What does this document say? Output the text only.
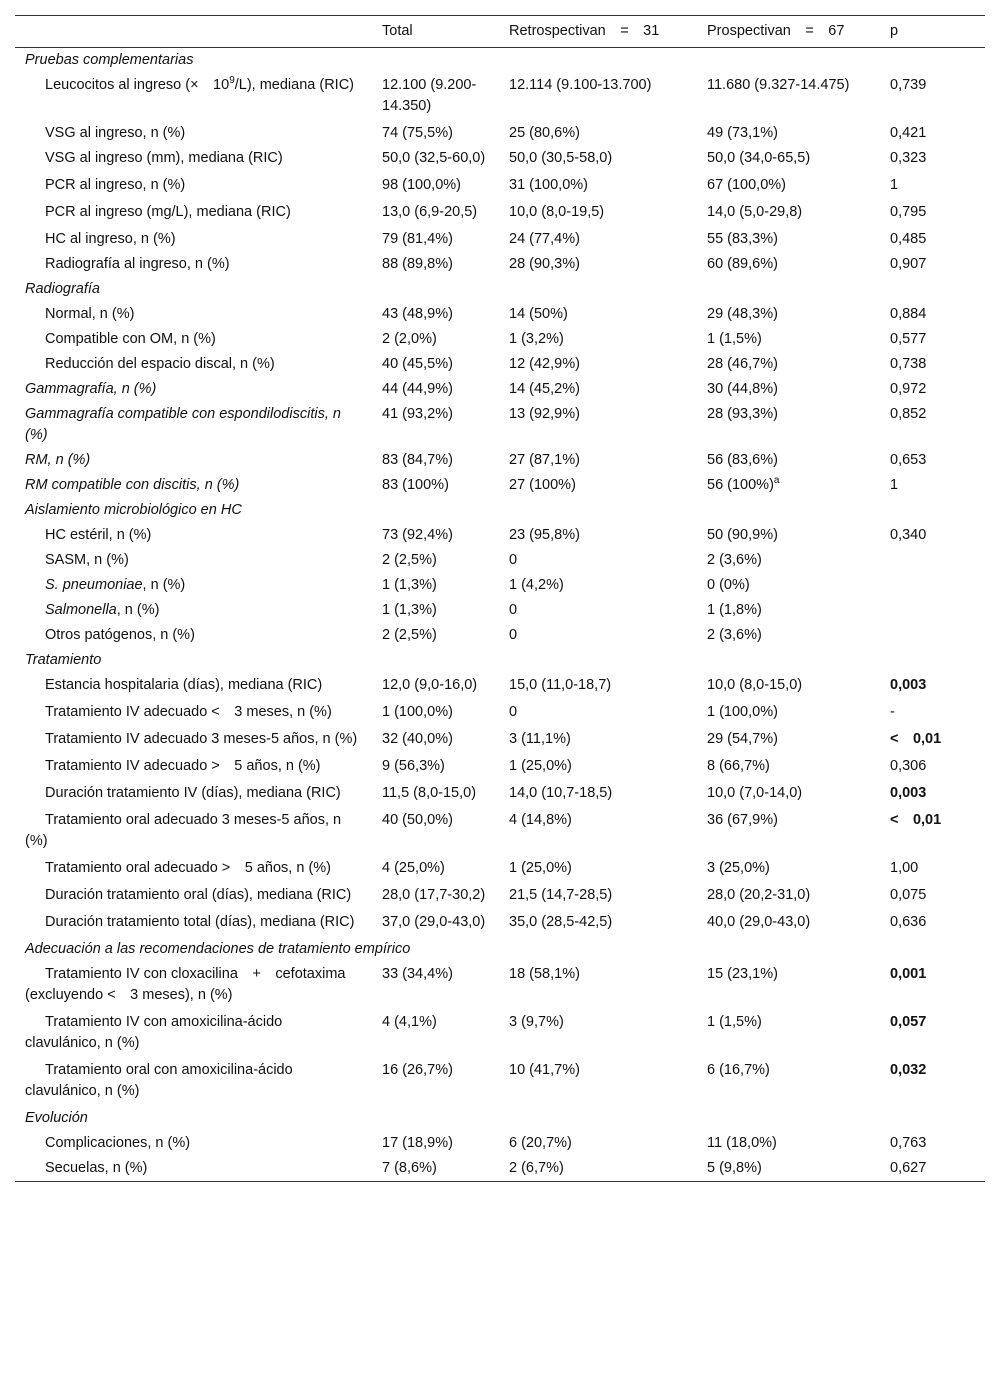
	Total	Retrospectivan = 31	Prospectivan = 67	p
Pruebas complementarias				
Leucocitos al ingreso (× $10^9/L$), mediana (RIC)	12.100 (9.200-14.350)	12.114 (9.100-13.700)	11.680 (9.327-14.475)	0,739
VSG al ingreso, n (%)	74 (75,5%)	25 (80,6%)	49 (73,1%)	0,421
VSG al ingreso (mm), mediana (RIC)	50,0 (32,5-60,0)	50,0 (30,5-58,0)	50,0 (34,0-65,5)	0,323
PCR al ingreso, n (%)	98 (100,0%)	31 (100,0%)	67 (100,0%)	1
PCR al ingreso (mg/L), mediana (RIC)	13,0 (6,9-20,5)	10,0 (8,0-19,5)	14,0 (5,0-29,8)	0,795
HC al ingreso, n (%)	79 (81,4%)	24 (77,4%)	55 (83,3%)	0,485
Radiografía al ingreso, n (%)	88 (89,8%)	28 (90,3%)	60 (89,6%)	0,907
Radiografía				
Normal, n (%)	43 (48,9%)	14 (50%)	29 (48,3%)	0,884
Compatible con OM, n (%)	2 (2,0%)	1 (3,2%)	1 (1,5%)	0,577
Reducción del espacio discal, n (%)	40 (45,5%)	12 (42,9%)	28 (46,7%)	0,738
Gammagrafía, n (%)	44 (44,9%)	14 (45,2%)	30 (44,8%)	0,972
Gammagrafía compatible con espondilodiscitis, n (%)	41 (93,2%)	13 (92,9%)	28 (93,3%)	0,852
RM, n (%)	83 (84,7%)	27 (87,1%)	56 (83,6%)	0,653
RM compatible con discitis, n (%)	83 (100%)	27 (100%)	56 $(100\%)^a$	1
Aislamiento microbiológico en HC				
HC estéril, n (%)	73 (92,4%)	23 (95,8%)	50 (90,9%)	0,340
SASM, n (%)	2 (2,5%)	0	2 (3,6%)	
S. pneumoniae, n (%)	1 (1,3%)	1 (4,2%)	0 (0%)	
Salmonella, n (%)	1 (1,3%)	0	1 (1,8%)	
Otros patógenos, n (%)	2 (2,5%)	0	2 (3,6%)	
Tratamiento				
Estancia hospitalaria (días), mediana (RIC)	12,0 (9,0-16,0)	15,0 (11,0-18,7)	10,0 (8,0-15,0)	0,003
Tratamiento IV adecuado < 3 meses, n (%)	1 (100,0%)	0	1 (100,0%)	-
Tratamiento IV adecuado 3 meses-5 años, n (%)	32 (40,0%)	3 (11,1%)	29 (54,7%)	< 0,01
Tratamiento IV adecuado > 5 años, n (%)	9 (56,3%)	1 (25,0%)	8 (66,7%)	0,306
Duración tratamiento IV (días), mediana (RIC)	11,5 (8,0-15,0)	14,0 (10,7-18,5)	10,0 (7,0-14,0)	0,003
Tratamiento oral adecuado 3 meses-5 años, n (%)	40 (50,0%)	4 (14,8%)	36 (67,9%)	< 0,01
Tratamiento oral adecuado > 5 años, n (%)	4 (25,0%)	1 (25,0%)	3 (25,0%)	1,00
Duración tratamiento oral (días), mediana (RIC)	28,0 (17,7-30,2)	21,5 (14,7-28,5)	28,0 (20,2-31,0)	0,075
Duración tratamiento total (días), mediana (RIC)	37,0 (29,0-43,0)	35,0 (28,5-42,5)	40,0 (29,0-43,0)	0,636
Adecuación a las recomendaciones de tratamiento empírico				
Tratamiento IV con cloxacilina + cefotaxima (excluyendo < 3 meses), n (%)	33 (34,4%)	18 (58,1%)	15 (23,1%)	0,001
Tratamiento IV con amoxicilina-ácido clavulánico, n (%)	4 (4,1%)	3 (9,7%)	1 (1,5%)	0,057
Tratamiento oral con amoxicilina-ácido clavulánico, n (%)	16 (26,7%)	10 (41,7%)	6 (16,7%)	0,032
Evolución				
Complicaciones, n (%)	17 (18,9%)	6 (20,7%)	11 (18,0%)	0,763
Secuelas, n (%)	7 (8,6%)	2 (6,7%)	5 (9,8%)	0,627
